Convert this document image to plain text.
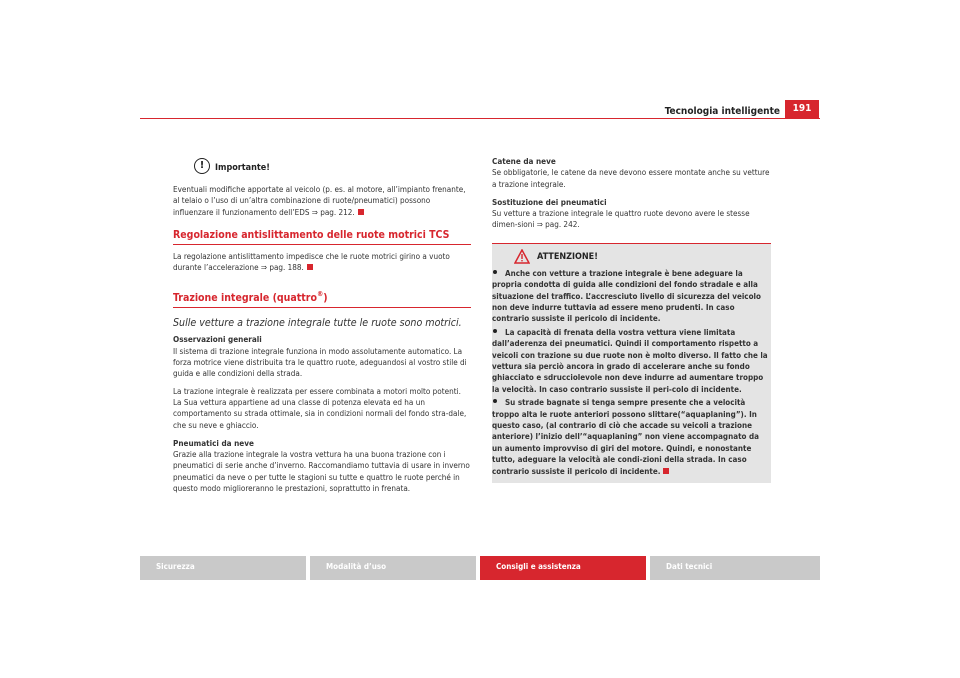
Tecnologia intelligente	191
!	Importante!

Eventuali modifiche apportate al veicolo (p. es. al motore, all’impianto frenante, al telaio o l’uso di un’altra combinazione di ruote/pneumatici) possono influenzare il funzionamento dell’EDS ⇒ pag. 212.

Regolazione antislittamento delle ruote motrici TCS

La regolazione antislittamento impedisce che le ruote motrici girino a vuoto durante l’accelerazione ⇒ pag. 188.

Trazione integrale (quattro®)
Sulle vetture a trazione integrale tutte le ruote sono motrici.
Osservazioni generali

Il sistema di trazione integrale funziona in modo assolutamente automatico. La forza motrice viene distribuita tra le quattro ruote, adeguandosi al vostro stile di guida e alle condizioni della strada.

La trazione integrale è realizzata per essere combinata a motori molto potenti. La Sua vettura appartiene ad una classe di potenza elevata ed ha un comportamento su strada ottimale, sia in condizioni normali del fondo stra-dale, che su neve e ghiaccio.

Pneumatici da neve

Grazie alla trazione integrale la vostra vettura ha una buona trazione con i pneumatici di serie anche d’inverno. Raccomandiamo tuttavia di usare in inverno pneumatici da neve o per tutte le stagioni su tutte e quattro le ruote perché in questo modo miglioreranno le prestazioni, soprattutto in frenata.

Catene da neve

Se obbligatorie, le catene da neve devono essere montate anche su vetture a trazione integrale.

Sostituzione dei pneumatici

Su vetture a trazione integrale le quattro ruote devono avere le stesse dimen-sioni ⇒ pag. 242.

ATTENZIONE!
Anche con vetture a trazione integrale è bene adeguare la propria condotta di guida alle condizioni del fondo stradale e alla situazione del traffico. L’accresciuto livello di sicurezza del veicolo non deve indurre tuttavia ad essere meno prudenti. In caso contrario sussiste il pericolo di incidente.
La capacità di frenata della vostra vettura viene limitata dall’aderenza dei pneumatici. Quindi il comportamento rispetto a veicoli con trazione su due ruote non è molto diverso. Il fatto che la vettura sia perciò ancora in grado di accelerare anche su fondo ghiacciato e sdrucciolevole non deve indurre ad aumentare troppo la velocità. In caso contrario sussiste il peri-colo di incidente.
Su strade bagnate si tenga sempre presente che a velocità troppo alta le ruote anteriori possono slittare(“aquaplaning”). In questo caso, (al contrario di ciò che accade su veicoli a trazione anteriore) l’inizio dell’“aquaplaning” non viene accompagnato da un aumento improvviso di giri del motore. Quindi, e nonostante tutto, adeguare la velocità ale condi-zioni della strada. In caso contrario sussiste il pericolo di incidente.
Sicurezza	Modalità d’uso	Consigli e assistenza	Dati tecnici
